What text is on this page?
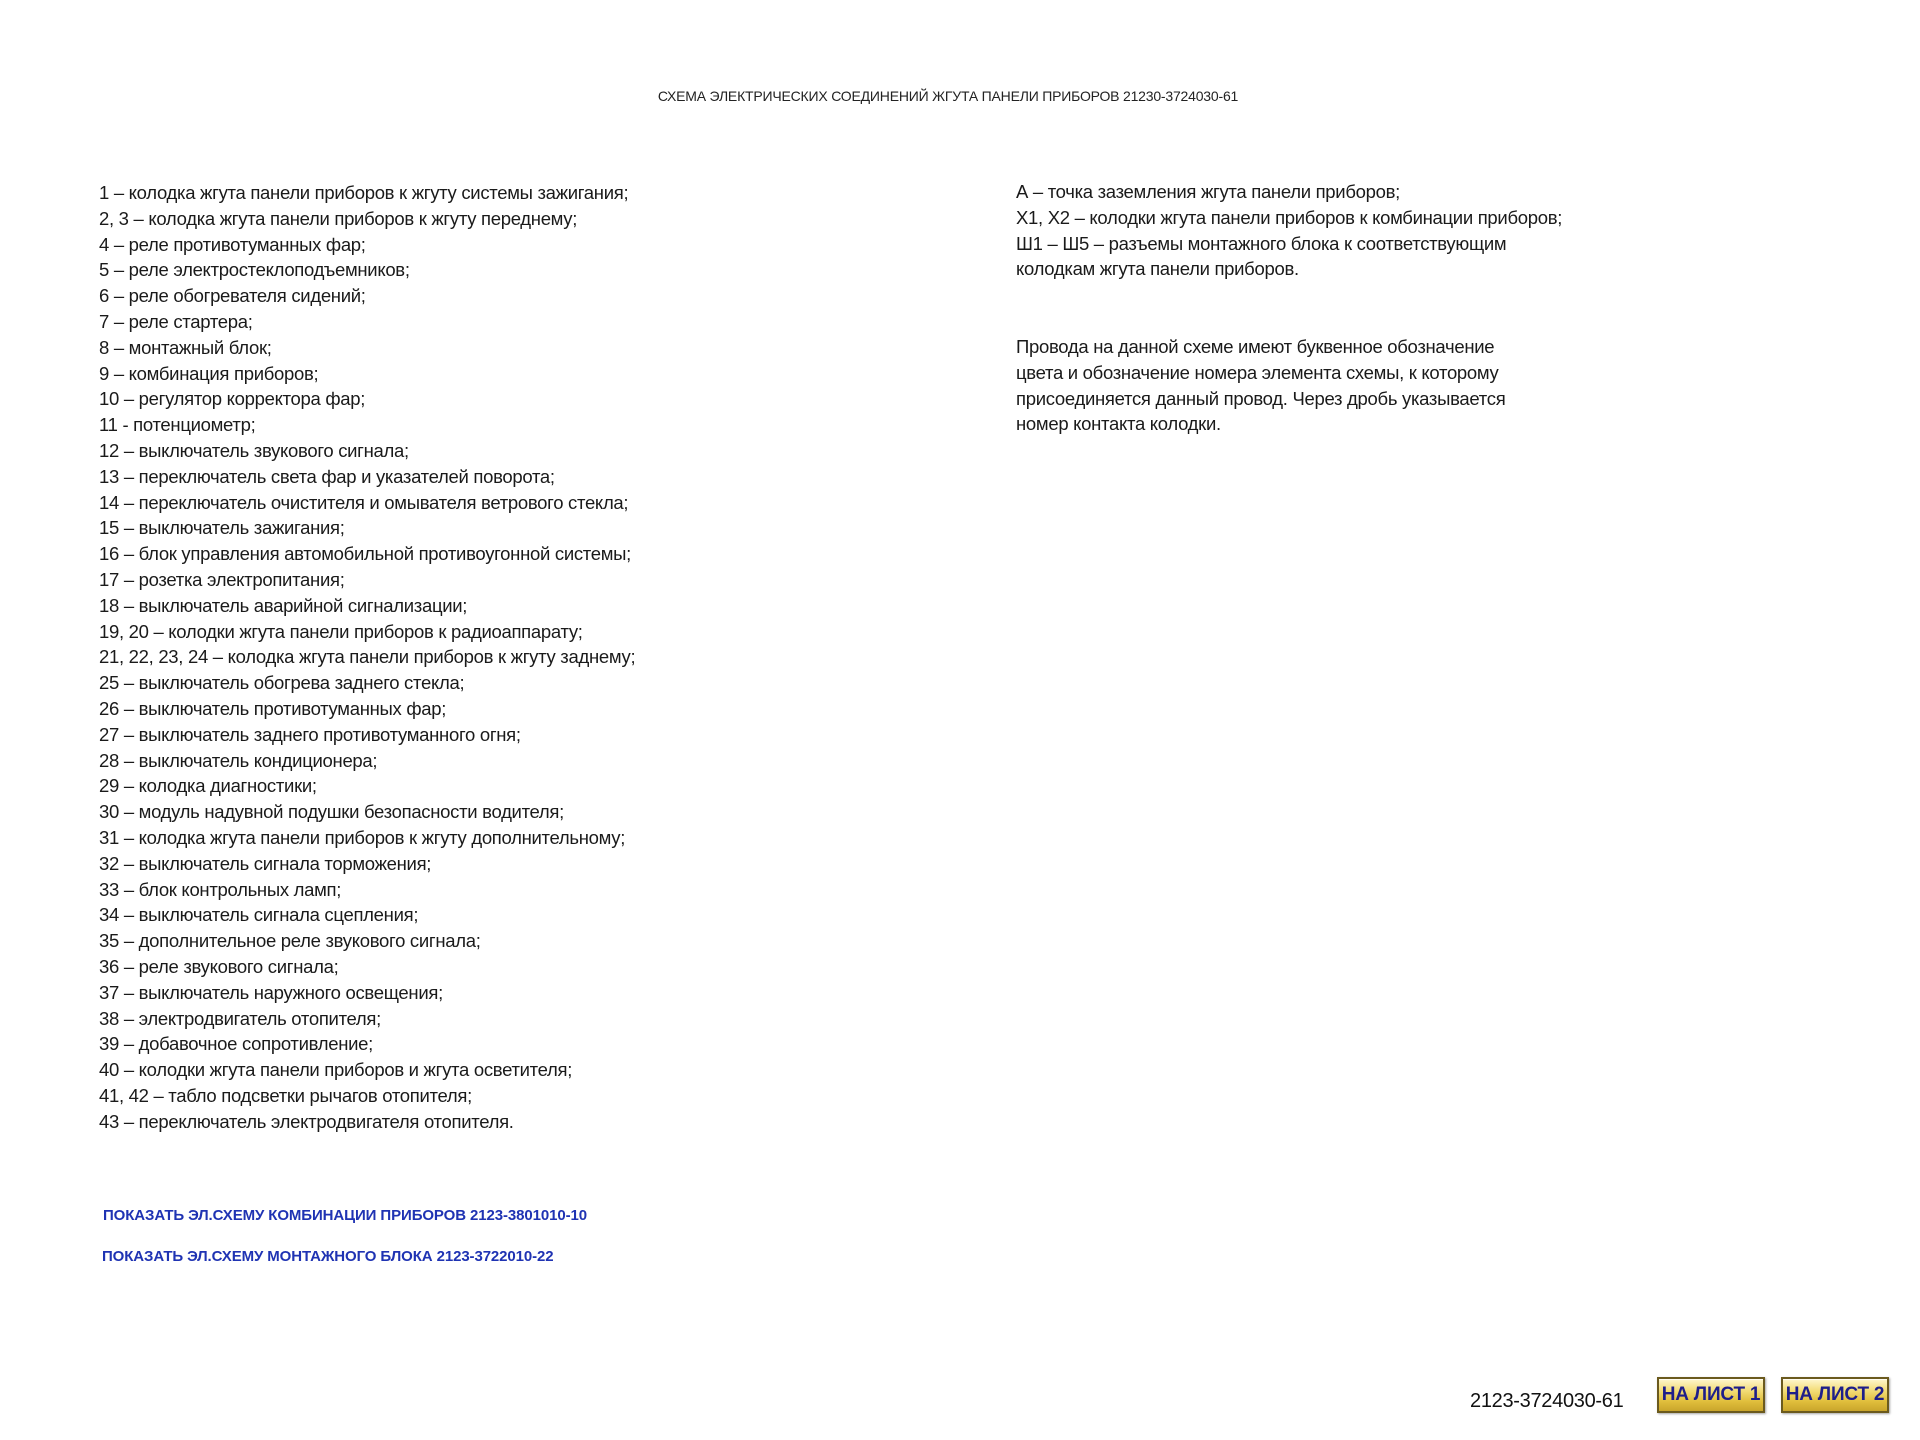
СХЕМА ЭЛЕКТРИЧЕСКИХ СОЕДИНЕНИЙ ЖГУТА ПАНЕЛИ ПРИБОРОВ 21230-3724030-61
1 – колодка жгута панели приборов к жгуту системы зажигания;
2, 3 – колодка жгута панели приборов к жгуту переднему;
4 – реле противотуманных фар;
5 – реле электростеклоподъемников;
6 – реле обогревателя сидений;
7 – реле стартера;
8 – монтажный блок;
9 – комбинация приборов;
10 – регулятор корректора фар;
11 - потенциометр;
12 – выключатель звукового сигнала;
13 – переключатель света фар и указателей поворота;
14 – переключатель очистителя и омывателя ветрового стекла;
15 – выключатель зажигания;
16 – блок управления автомобильной противоугонной системы;
17 – розетка электропитания;
18 – выключатель аварийной сигнализации;
19, 20 – колодки жгута панели приборов к радиоаппарату;
21, 22, 23, 24 – колодка жгута панели приборов к жгуту заднему;
25 – выключатель обогрева заднего стекла;
26 – выключатель противотуманных фар;
27 – выключатель заднего противотуманного огня;
28 – выключатель кондиционера;
29 – колодка диагностики;
30 – модуль надувной подушки безопасности водителя;
31 – колодка жгута панели приборов к жгуту дополнительному;
32 – выключатель сигнала торможения;
33 – блок контрольных ламп;
34 – выключатель сигнала сцепления;
35 – дополнительное реле звукового сигнала;
36 – реле звукового сигнала;
37 – выключатель наружного освещения;
38 – электродвигатель отопителя;
39 – добавочное сопротивление;
40 – колодки жгута панели приборов и жгута осветителя;
41, 42 – табло подсветки рычагов отопителя;
43 – переключатель электродвигателя отопителя.
А – точка заземления жгута панели приборов;
Х1, Х2 – колодки жгута панели приборов к комбинации приборов;
Ш1 – Ш5 – разъемы монтажного блока к соответствующим
колодкам жгута панели приборов.
Провода на данной схеме имеют буквенное обозначение
цвета и обозначение номера элемента схемы, к которому
присоединяется данный провод. Через дробь указывается
номер контакта колодки.
ПОКАЗАТЬ ЭЛ.СХЕМУ КОМБИНАЦИИ ПРИБОРОВ 2123-3801010-10
ПОКАЗАТЬ ЭЛ.СХЕМУ МОНТАЖНОГО БЛОКА 2123-3722010-22
2123-3724030-61 НА ЛИСТ 1 НА ЛИСТ 2
